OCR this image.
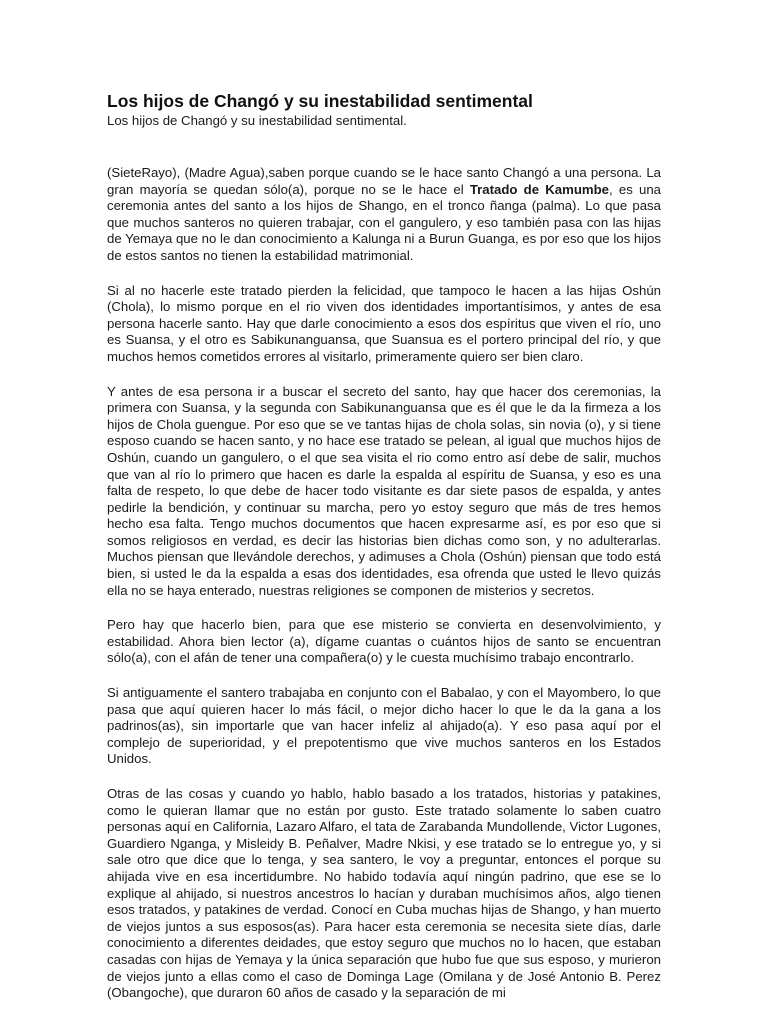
Los hijos de Changó y su inestabilidad sentimental
Los hijos de Changó y su inestabilidad sentimental.

(SieteRayo), (Madre Agua),saben porque cuando se le hace santo Changó a una persona. La gran mayoría se quedan sólo(a), porque no se le hace el Tratado de Kamumbe, es una ceremonia antes del santo a los hijos de Shango, en el tronco ñanga (palma). Lo que pasa que muchos santeros no quieren trabajar, con el gangulero, y eso también pasa con las hijas de Yemaya que no le dan conocimiento a Kalunga ni a Burun Guanga, es por eso que los hijos de estos santos no tienen la estabilidad matrimonial.

Si al no hacerle este tratado pierden la felicidad, que tampoco le hacen a las hijas Oshún (Chola), lo mismo porque en el rio viven dos identidades importantísimos, y antes de esa persona hacerle santo. Hay que darle conocimiento a esos dos espíritus que viven el río, uno es Suansa, y el otro es Sabikunanguansa, que Suansua es el portero principal del río, y que muchos hemos cometidos errores al visitarlo, primeramente quiero ser bien claro.

Y antes de esa persona ir a buscar el secreto del santo, hay que hacer dos ceremonias, la primera con Suansa, y la segunda con Sabikunanguansa que es él que le da la firmeza a los hijos de Chola guengue. Por eso que se ve tantas hijas de chola solas, sin novia (o), y si tiene esposo cuando se hacen santo, y no hace ese tratado se pelean, al igual que muchos hijos de Oshún, cuando un gangulero, o el que sea visita el rio como entro así debe de salir, muchos que van al río lo primero que hacen es darle la espalda al espíritu de Suansa, y eso es una falta de respeto, lo que debe de hacer todo visitante es dar siete pasos de espalda, y antes pedirle la bendición, y continuar su marcha, pero yo estoy seguro que más de tres hemos hecho esa falta. Tengo muchos documentos que hacen expresarme así, es por eso que si somos religiosos en verdad, es decir las historias bien dichas como son, y no adulterarlas. Muchos piensan que llevándole derechos, y adimuses a Chola (Oshún) piensan que todo está bien, si usted le da la espalda a esas dos identidades, esa ofrenda que usted le llevo quizás ella no se haya enterado, nuestras religiones se componen de misterios y secretos.

Pero hay que hacerlo bien, para que ese misterio se convierta en desenvolvimiento, y estabilidad. Ahora bien lector (a), dígame cuantas o cuántos hijos de santo se encuentran sólo(a), con el afán de tener una compañera(o) y le cuesta muchísimo trabajo encontrarlo.

Si antiguamente el santero trabajaba en conjunto con el Babalao, y con el Mayombero, lo que pasa que aquí quieren hacer lo más fácil, o mejor dicho hacer lo que le da la gana a los padrinos(as), sin importarle que van hacer infeliz al ahijado(a). Y eso pasa aquí por el complejo de superioridad, y el prepotentismo que vive muchos santeros en los Estados Unidos.

Otras de las cosas y cuando yo hablo, hablo basado a los tratados, historias y patakines, como le quieran llamar que no están por gusto. Este tratado solamente lo saben cuatro personas aquí en California, Lazaro Alfaro, el tata de Zarabanda Mundollende, Victor Lugones, Guardiero Nganga, y Misleidy B. Peñalver, Madre Nkisi, y ese tratado se lo entregue yo, y si sale otro que dice que lo tenga, y sea santero, le voy a preguntar, entonces el porque su ahijada vive en esa incertidumbre. No habido todavía aquí ningún padrino, que ese se lo explique al ahijado, si nuestros ancestros lo hacían y duraban muchísimos años, algo tienen esos tratados, y patakines de verdad. Conocí en Cuba muchas hijas de Shango, y han muerto de viejos juntos a sus esposos(as). Para hacer esta ceremonia se necesita siete días, darle conocimiento a diferentes deidades, que estoy seguro que muchos no lo hacen, que estaban casadas con hijas de Yemaya y la única separación que hubo fue que sus esposo, y murieron de viejos junto a ellas como el caso de Dominga Lage (Omilana y de José Antonio B. Perez (Obangoche), que duraron 60 años de casado y la separación de mi
